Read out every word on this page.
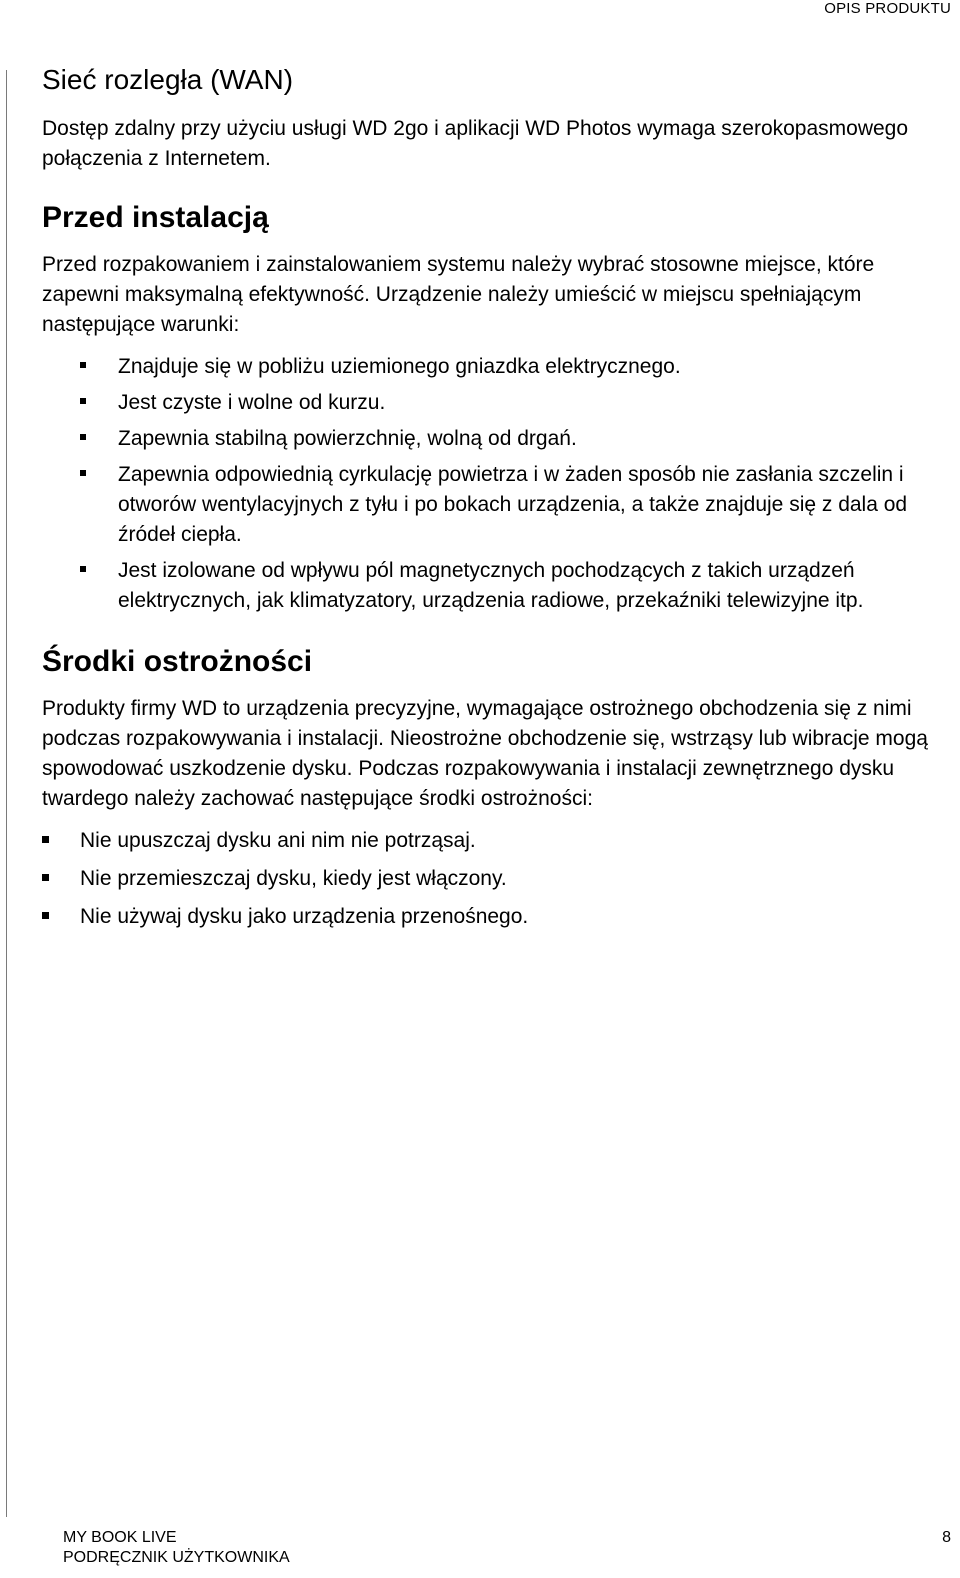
OPIS PRODUKTU
Sieć rozległa (WAN)

Dostęp zdalny przy użyciu usługi WD 2go i aplikacji WD Photos wymaga szerokopasmowego połączenia z Internetem.

Przed instalacją

Przed rozpakowaniem i zainstalowaniem systemu należy wybrać stosowne miejsce, które zapewni maksymalną efektywność. Urządzenie należy umieścić w miejscu spełniającym następujące warunki:

Znajduje się w pobliżu uziemionego gniazdka elektrycznego.
Jest czyste i wolne od kurzu.
Zapewnia stabilną powierzchnię, wolną od drgań.
Zapewnia odpowiednią cyrkulację powietrza i w żaden sposób nie zasłania szczelin i otworów wentylacyjnych z tyłu i po bokach urządzenia, a także znajduje się z dala od źródeł ciepła.
Jest izolowane od wpływu pól magnetycznych pochodzących z takich urządzeń elektrycznych, jak klimatyzatory, urządzenia radiowe, przekaźniki telewizyjne itp.
Środki ostrożności

Produkty firmy WD to urządzenia precyzyjne, wymagające ostrożnego obchodzenia się z nimi podczas rozpakowywania i instalacji. Nieostrożne obchodzenie się, wstrząsy lub wibracje mogą spowodować uszkodzenie dysku. Podczas rozpakowywania i instalacji zewnętrznego dysku twardego należy zachować następujące środki ostrożności:

Nie upuszczaj dysku ani nim nie potrząsaj.
Nie przemieszczaj dysku, kiedy jest włączony.
Nie używaj dysku jako urządzenia przenośnego.
MY BOOK LIVE
PODRĘCZNIK UŻYTKOWNIKA
8
